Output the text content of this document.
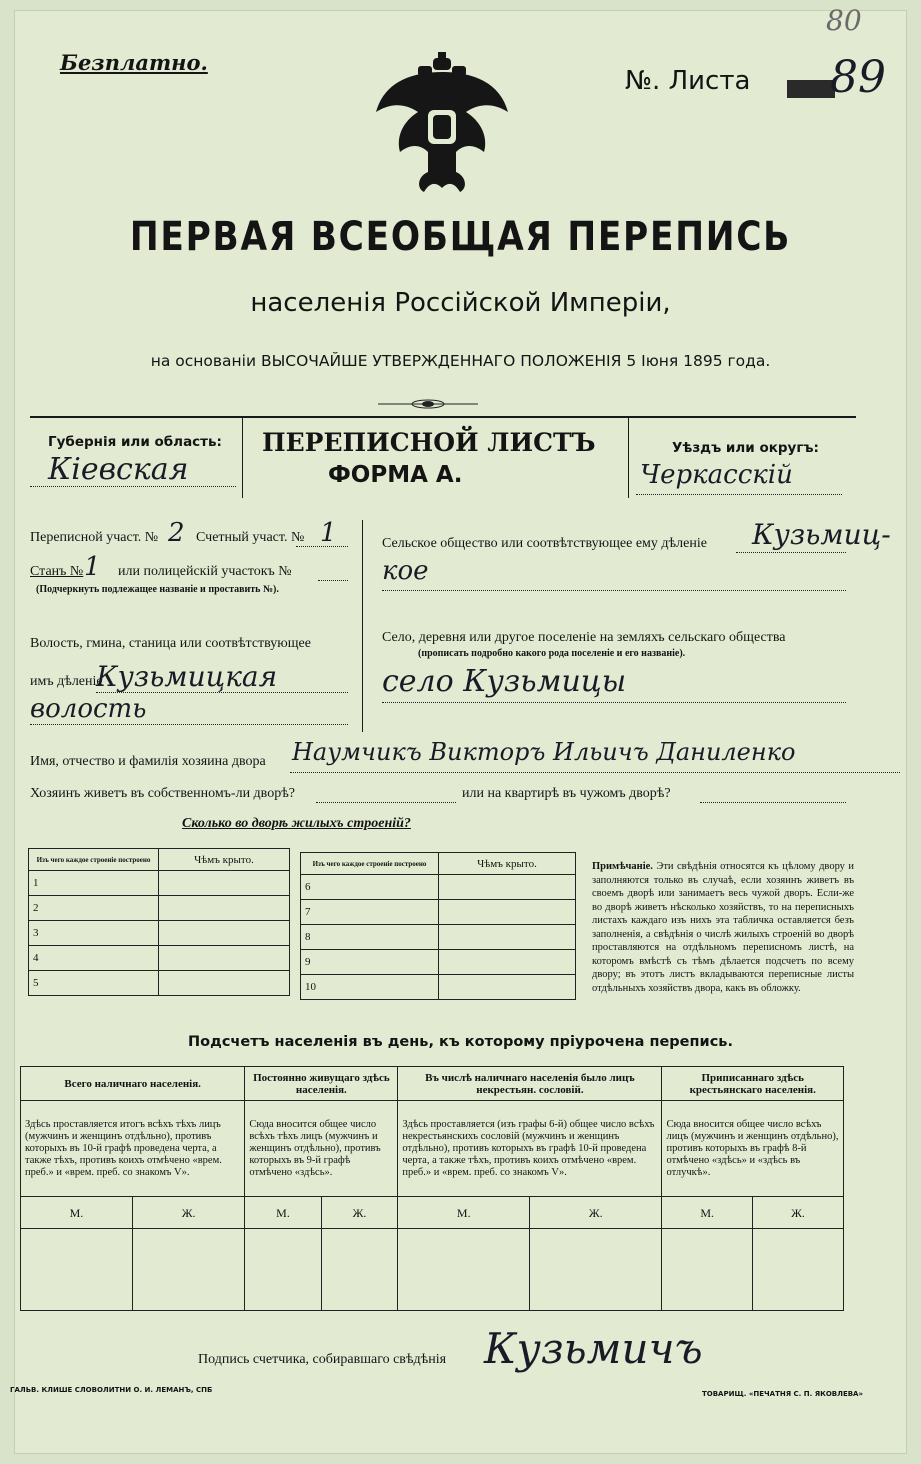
Безплатно.
80
№. Листа 89
ПЕРВАЯ ВСЕОБЩАЯ ПЕРЕПИСЬ
населенія Россійской Имперіи,
на основаніи ВЫСОЧАЙШЕ УТВЕРЖДЕННАГО ПОЛОЖЕНІЯ 5 Іюня 1895 года.
Губернія или область:
Кіевская
ПЕРЕПИСНОЙ ЛИСТЪ
ФОРМА А.
Уѣздъ или округъ:
Черкасскій
Переписной участ. № 2 Счетный участ. № 1
Станъ № 1 или полицейскій участокъ №
(Подчеркнуть подлежащее названіе и проставить №).
Волость, гмина, станица или соотвѣтствующее
имъ дѣленіе
Кузьмицкая
волость
Сельское общество или соотвѣтствующее ему дѣленіе Кузьмиц-
кое
Село, деревня или другое поселеніе на земляхъ сельскаго общества
(прописать подробно какого рода поселеніе и его названіе).
село Кузьмицы
Имя, отчество и фамилія хозяина двора Наумчикъ Викторъ Ильичъ Даниленко
Хозяинъ живетъ въ собственномъ-ли дворѣ?	или на квартирѣ въ чужомъ дворѣ?
Сколько во дворѣ жилыхъ строеній?
Изъ чего каждое строеніе построено	Чѣмъ крыто.
1	
2	
3	
4	
5	
Изъ чего каждое строеніе построено	Чѣмъ крыто.
6	
7	
8	
9	
10	
Примѣчаніе. Эти свѣдѣнія относятся къ цѣлому двору и заполняются только въ случаѣ, если хозяинъ живетъ въ своемъ дворѣ или занимаетъ весь чужой дворъ. Если-же во дворѣ живетъ нѣсколько хозяйствъ, то на переписныхъ листахъ каждаго изъ нихъ эта табличка оставляется безъ заполненія, а свѣдѣнія о числѣ жилыхъ строеній во дворѣ проставляются на отдѣльномъ переписномъ листѣ, на которомъ вмѣстѣ съ тѣмъ дѣлается подсчетъ по всему двору; въ этотъ листъ вкладываются переписные листы отдѣльныхъ хозяйствъ двора, какъ въ обложку.
Подсчетъ населенія въ день, къ которому пріурочена перепись.
Всего наличнаго населенія.		Постоянно живущаго здѣсь населенія.		Въ числѣ наличнаго населенія было лицъ некрестьян. сословій.		Приписаннаго здѣсь крестьянскаго населенія.	
Здѣсь проставляется итогъ всѣхъ тѣхъ лицъ (мужчинъ и женщинъ отдѣльно), противъ которыхъ въ 10-й графѣ проведена черта, а также тѣхъ, противъ коихъ отмѣчено «врем. преб.» и «врем. преб. со знакомъ V».		Сюда вносится общее число всѣхъ тѣхъ лицъ (мужчинъ и женщинъ отдѣльно), противъ которыхъ въ 9-й графѣ отмѣчено «здѣсь».		Здѣсь проставляется (изъ графы 6-й) общее число всѣхъ некрестьянскихъ сословій (мужчинъ и женщинъ отдѣльно), противъ которыхъ въ графѣ 10-й проведена черта, а также тѣхъ, противъ коихъ отмѣчено «врем. преб.» и «врем. преб. со знакомъ V».		Сюда вносится общее число всѣхъ лицъ (мужчинъ и женщинъ отдѣльно), противъ которыхъ въ графѣ 8-й отмѣчено «здѣсь» и «здѣсь въ отлучкѣ».	
М.	Ж.	М.	Ж.	М.	Ж.	М.	Ж.

Подпись счетчика, собиравшаго свѣдѣнія Кузьмичъ
ГАЛЬВ. КЛИШЕ СЛОВОЛИТНИ О. И. ЛЕМАНЪ, СПБ	ТОВАРИЩ. «ПЕЧАТНЯ С. П. ЯКОВЛЕВА»
